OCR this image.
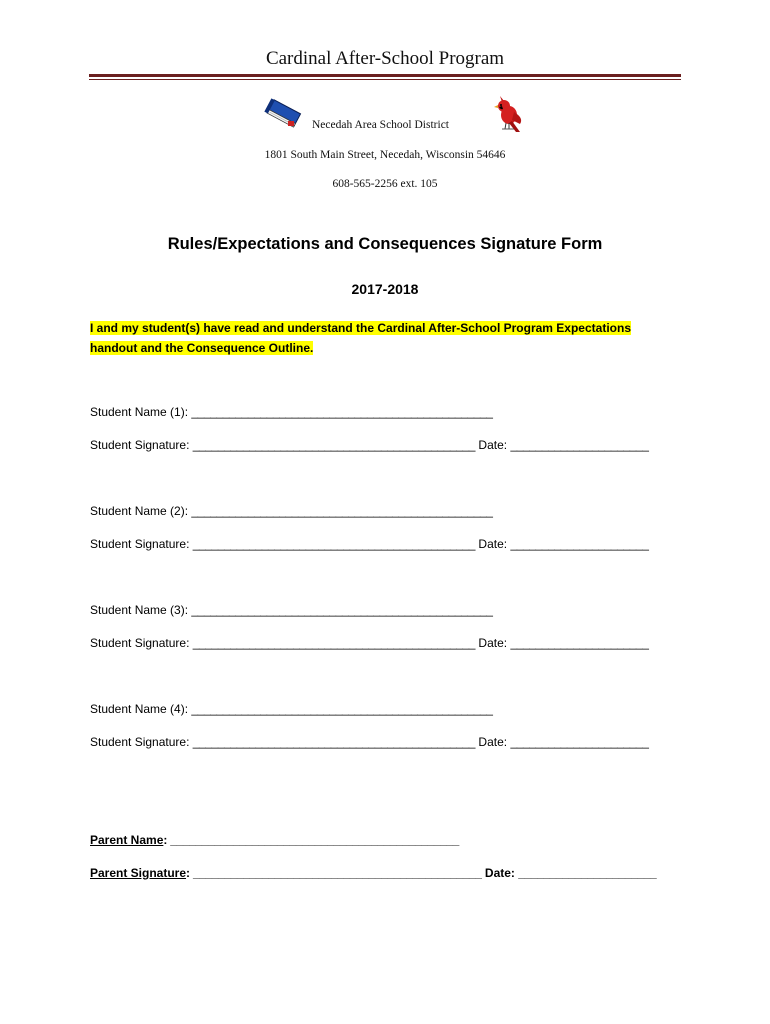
Cardinal After-School Program
Necedah Area School District
1801 South Main Street, Necedah, Wisconsin 54646
608-565-2256 ext. 105
Rules/Expectations and Consequences Signature Form
2017-2018
I and my student(s) have read and understand the Cardinal After-School Program Expectations
handout and the Consequence Outline.
Student Name (1): ________________________________________________
Student Signature: _____________________________________________ Date: ______________________
Student Name (2): ________________________________________________
Student Signature: _____________________________________________ Date: ______________________
Student Name (3): ________________________________________________
Student Signature: _____________________________________________ Date: ______________________
Student Name (4): ________________________________________________
Student Signature: _____________________________________________ Date: ______________________
Parent Name: ______________________________________________
Parent Signature: ______________________________________________ Date: ______________________
